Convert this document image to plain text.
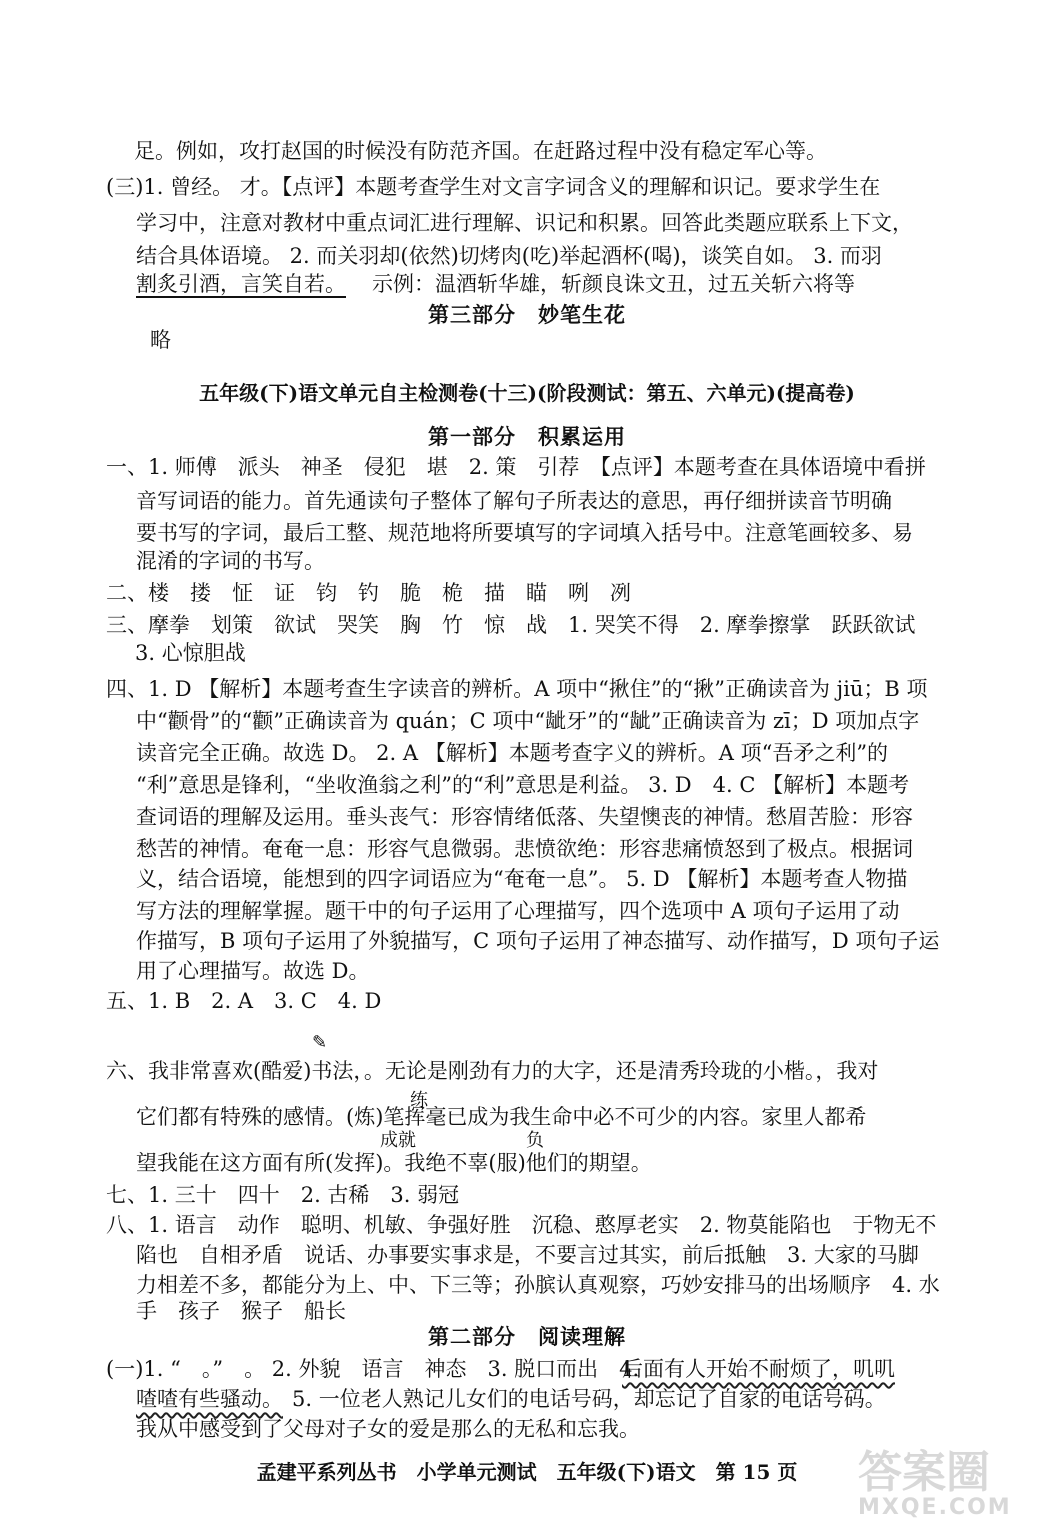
足。例如，攻打赵国的时候没有防范齐国。在赶路过程中没有稳定军心等。
(三)1. 曾经。 才。【点评】本题考查学生对文言字词含义的理解和识记。要求学生在
学习中，注意对教材中重点词汇进行理解、识记和积累。回答此类题应联系上下文，
结合具体语境。 2. 而关羽却(依然)切烤肉(吃)举起酒杯(喝)，谈笑自如。 3. 而羽
割炙引酒，言笑自若。 示例：温酒斩华雄，斩颜良诛文丑，过五关斩六将等
第三部分　妙笔生花
略
五年级(下)语文单元自主检测卷(十三)(阶段测试：第五、六单元)(提高卷)
第一部分　积累运用
一、1. 师傅　派头　神圣　侵犯　堪　2. 策　引荐　【点评】本题考查在具体语境中看拼
音写词语的能力。首先通读句子整体了解句子所表达的意思，再仔细拼读音节明确
要书写的字词，最后工整、规范地将所要填写的字词填入括号中。注意笔画较多、易
混淆的字词的书写。
二、楼　搂　怔　证　钧　钓　脆　桅　描　瞄　咧　冽
三、摩拳　划策　欲试　哭笑　胸　竹　惊　战　1. 哭笑不得　2. 摩拳擦掌　跃跃欲试
　3. 心惊胆战
四、1. D 【解析】本题考查生字读音的辨析。A 项中“揪住”的“揪”正确读音为 jiū；B 项
中“颧骨”的“颧”正确读音为 quán；C 项中“龇牙”的“龇”正确读音为 zī；D 项加点字
读音完全正确。故选 D。 2. A 【解析】本题考查字义的辨析。A 项“吾矛之利”的
“利”意思是锋利，“坐收渔翁之利”的“利”意思是利益。 3. D　4. C 【解析】本题考
查词语的理解及运用。垂头丧气：形容情绪低落、失望懊丧的神情。愁眉苦脸：形容
愁苦的神情。奄奄一息：形容气息微弱。悲愤欲绝：形容悲痛愤怒到了极点。根据词
义，结合语境，能想到的四字词语应为“奄奄一息”。 5. D 【解析】本题考查人物描
写方法的理解掌握。题干中的句子运用了心理描写，四个选项中 A 项句子运用了动
作描写，B 项句子运用了外貌描写，C 项句子运用了神态描写、动作描写，D 项句子运
用了心理描写。故选 D。
五、1. B　2. A　3. C　4. D
✎
六、我非常喜欢(酷爱)书法，。无论是刚劲有力的大字，还是清秀玲珑的小楷。，我对
练
它们都有特殊的感情。(炼)笔挥毫已成为我生命中必不可少的内容。家里人都希
成就	负
望我能在这方面有所(发挥)。我绝不辜(服)他们的期望。
七、1. 三十　四十　2. 古稀　3. 弱冠
八、1. 语言　动作　聪明、机敏、争强好胜　沉稳、憨厚老实　2. 物莫能陷也　于物无不
陷也　自相矛盾　说话、办事要实事求是，不要言过其实，前后抵触　3. 大家的马脚
力相差不多，都能分为上、中、下三等；孙膑认真观察，巧妙安排马的出场顺序　4. 水
手　孩子　猴子　船长
第二部分　阅读理解
(一)1. “　。”　。 2. 外貌　语言　神态　3. 脱口而出　4.
后面有人开始不耐烦了，叽叽
喳喳有些骚动。 5. 一位老人熟记儿女们的电话号码，却忘记了自家的电话号码。
我从中感受到了父母对子女的爱是那么的无私和忘我。
孟建平系列丛书　小学单元测试　五年级(下)语文　第 15 页	答案圈
MXQE.COM
